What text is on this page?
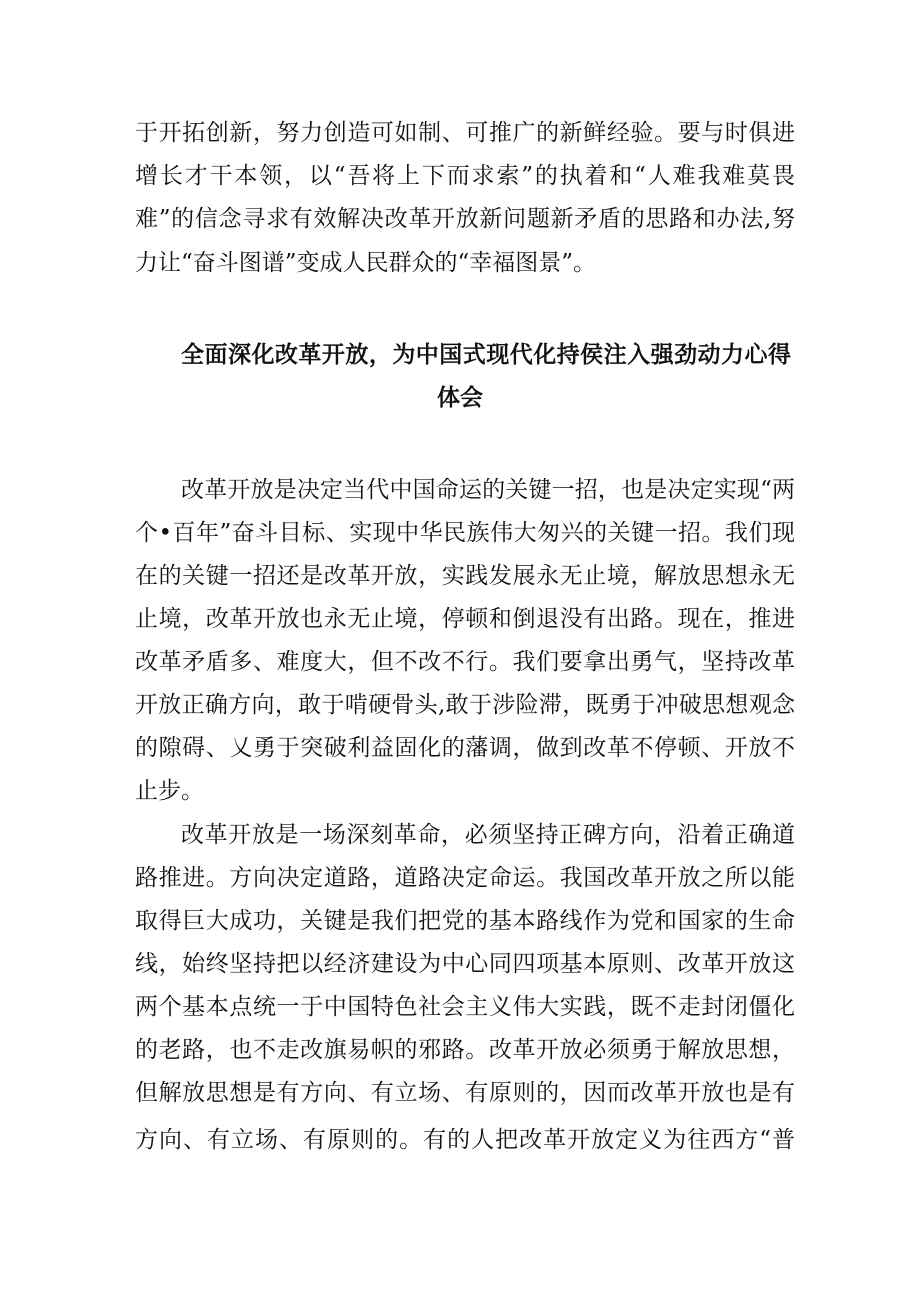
于开拓创新，努力创造可如制、可推广的新鲜经验。要与时俱进
增长才干本领，以“吾将上下而求索”的执着和“人难我难莫畏
难”的信念寻求有效解决改革开放新问题新矛盾的思路和办法,努
力让“奋斗图谱”变成人民群众的“幸福图景”。
全面深化改革开放，为中国式现代化持侯注入强劲动力心得
体会
改革开放是决定当代中国命运的关键一招，也是决定实现“两
个•百年”奋斗目标、实现中华民族伟大匆兴的关键一招。我们现
在的关键一招还是改革开放，实践发展永无止境，解放思想永无
止境，改革开放也永无止境，停顿和倒退没有出路。现在，推进
改革矛盾多、难度大，但不改不行。我们要拿出勇气，坚持改革
开放正确方向，敢于啃硬骨头,敢于涉险滞，既勇于冲破思想观念
的隙碍、乂勇于突破利益固化的藩调，做到改革不停顿、开放不
止步。
改革开放是一场深刻革命，必须坚持正碑方向，沿着正确道
路推进。方向决定道路，道路决定命运。我国改革开放之所以能
取得巨大成功，关键是我们把党的基本路线作为党和国家的生命
线，始终坚持把以经济建设为中心同四项基本原则、改革开放这
两个基本点统一于中国特色社会主义伟大实践，既不走封闭僵化
的老路，也不走改旗易帜的邪路。改革开放必须勇于解放思想，
但解放思想是有方向、有立场、有原则的，因而改革开放也是有
方向、有立场、有原则的。有的人把改革开放定义为往西方“普
